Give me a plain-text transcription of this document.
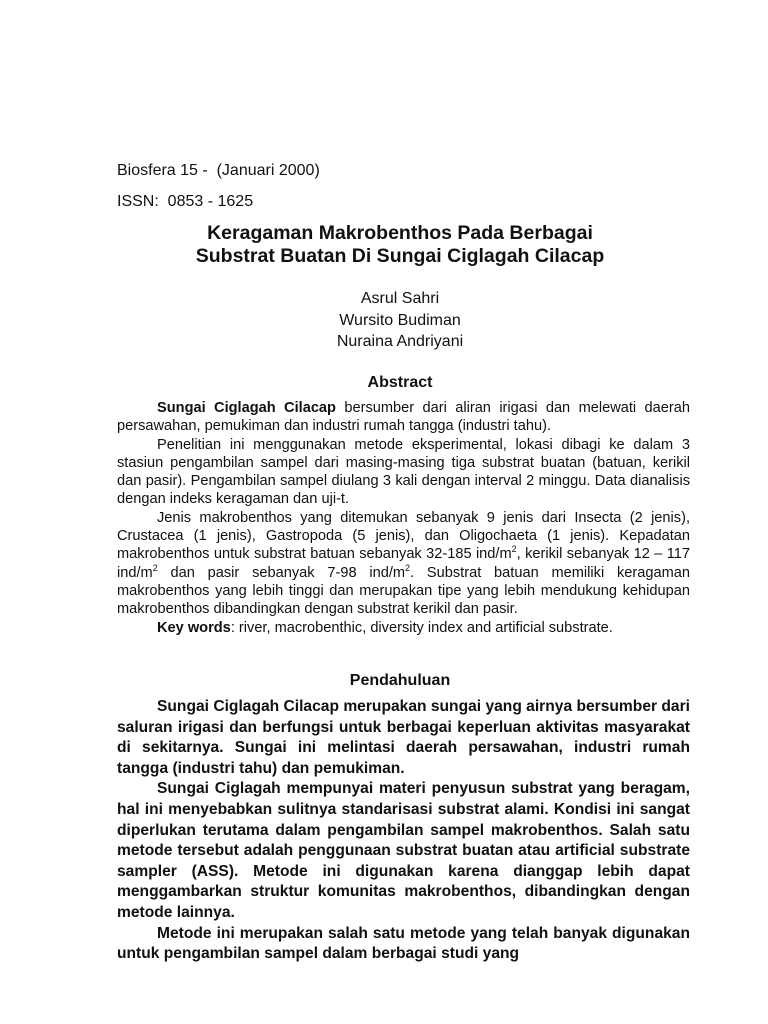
Biosfera 15 -  (Januari 2000)
ISSN:  0853 - 1625
Keragaman Makrobenthos Pada Berbagai
Substrat Buatan Di Sungai Ciglagah Cilacap
Asrul Sahri
Wursito Budiman
Nuraina Andriyani
Abstract

Sungai Ciglagah Cilacap bersumber dari aliran irigasi dan melewati daerah persawahan, pemukiman dan industri rumah tangga (industri tahu).

Penelitian ini menggunakan metode eksperimental, lokasi dibagi ke dalam 3 stasiun pengambilan sampel dari masing-masing tiga substrat buatan (batuan, kerikil dan pasir). Pengambilan sampel diulang 3 kali dengan interval 2 minggu. Data dianalisis dengan indeks keragaman dan uji-t.

Jenis makrobenthos yang ditemukan sebanyak 9 jenis dari Insecta (2 jenis), Crustacea (1 jenis), Gastropoda (5 jenis), dan Oligochaeta (1 jenis). Kepadatan makrobenthos untuk substrat batuan sebanyak 32-185 ind/$m^2$, kerikil sebanyak 12 – 117 ind/$m^2$ dan pasir sebanyak 7-98 ind/$m^2$. Substrat batuan memiliki keragaman makrobenthos yang lebih tinggi dan merupakan tipe yang lebih mendukung kehidupan makrobenthos dibandingkan dengan substrat kerikil dan pasir.

Key words: river, macrobenthic, diversity index and artificial substrate.

Pendahuluan

Sungai Ciglagah Cilacap merupakan sungai yang airnya bersumber dari saluran irigasi dan berfungsi untuk berbagai keperluan aktivitas masyarakat di sekitarnya. Sungai ini melintasi daerah persawahan, industri rumah tangga (industri tahu) dan pemukiman.

Sungai Ciglagah mempunyai materi penyusun substrat yang beragam, hal ini menyebabkan sulitnya standarisasi substrat alami. Kondisi ini sangat diperlukan terutama dalam pengambilan sampel makrobenthos. Salah satu metode tersebut adalah penggunaan substrat buatan atau artificial substrate sampler (ASS). Metode ini digunakan karena dianggap lebih dapat menggambarkan struktur komunitas makrobenthos, dibandingkan dengan metode lainnya.

Metode ini merupakan salah satu metode yang telah banyak digunakan untuk pengambilan sampel dalam berbagai studi yang
